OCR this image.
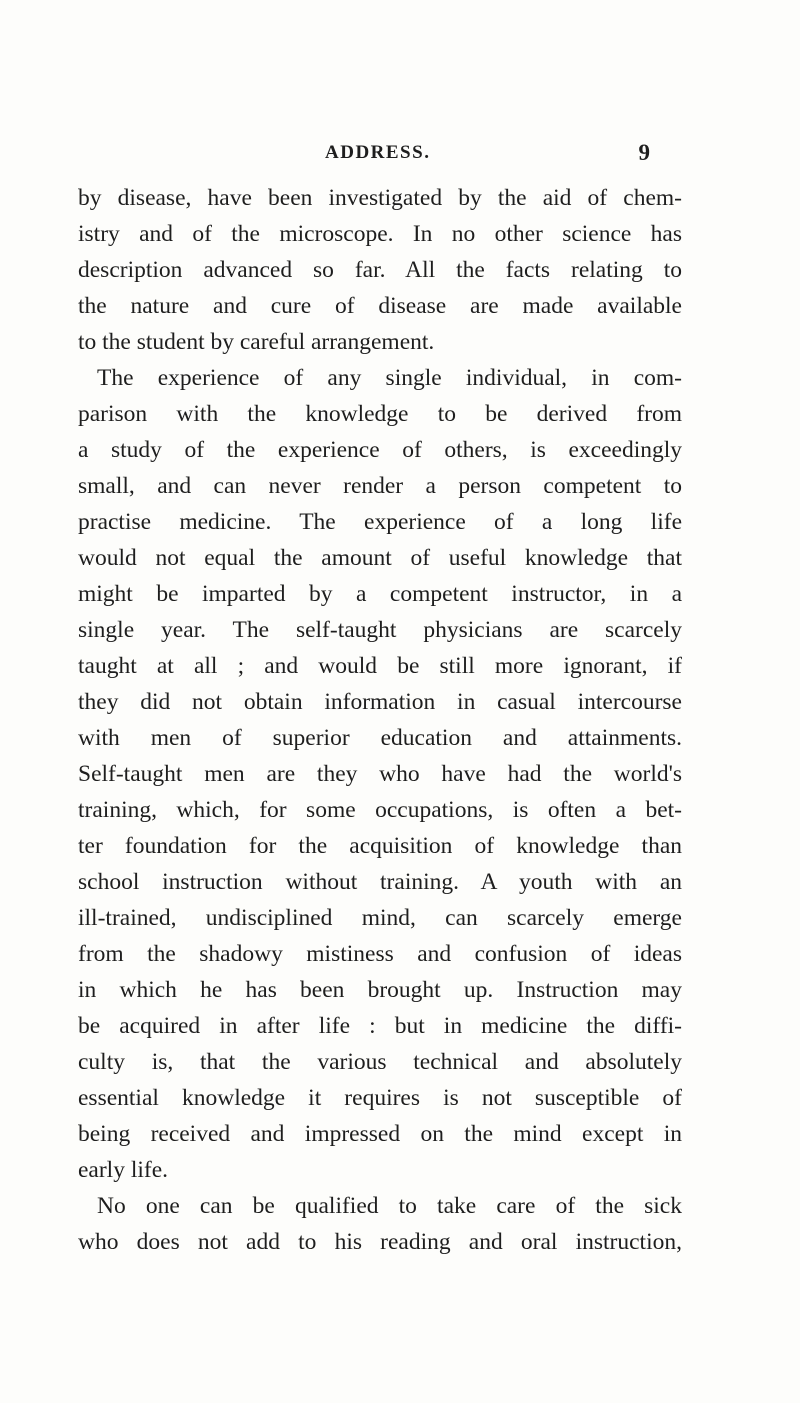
ADDRESS.	9
by disease, have been investigated by the aid of chem-
istry and of the microscope. In no other science has
description advanced so far. All the facts relating to
the nature and cure of disease are made available
to the student by careful arrangement.
The experience of any single individual, in com-
parison with the knowledge to be derived from
a study of the experience of others, is exceedingly
small, and can never render a person competent to
practise medicine. The experience of a long life
would not equal the amount of useful knowledge that
might be imparted by a competent instructor, in a
single year. The self-taught physicians are scarcely
taught at all ; and would be still more ignorant, if
they did not obtain information in casual intercourse
with men of superior education and attainments.
Self-taught men are they who have had the world's
training, which, for some occupations, is often a bet-
ter foundation for the acquisition of knowledge than
school instruction without training. A youth with an
ill-trained, undisciplined mind, can scarcely emerge
from the shadowy mistiness and confusion of ideas
in which he has been brought up. Instruction may
be acquired in after life : but in medicine the diffi-
culty is, that the various technical and absolutely
essential knowledge it requires is not susceptible of
being received and impressed on the mind except in
early life.
No one can be qualified to take care of the sick
who does not add to his reading and oral instruction,
